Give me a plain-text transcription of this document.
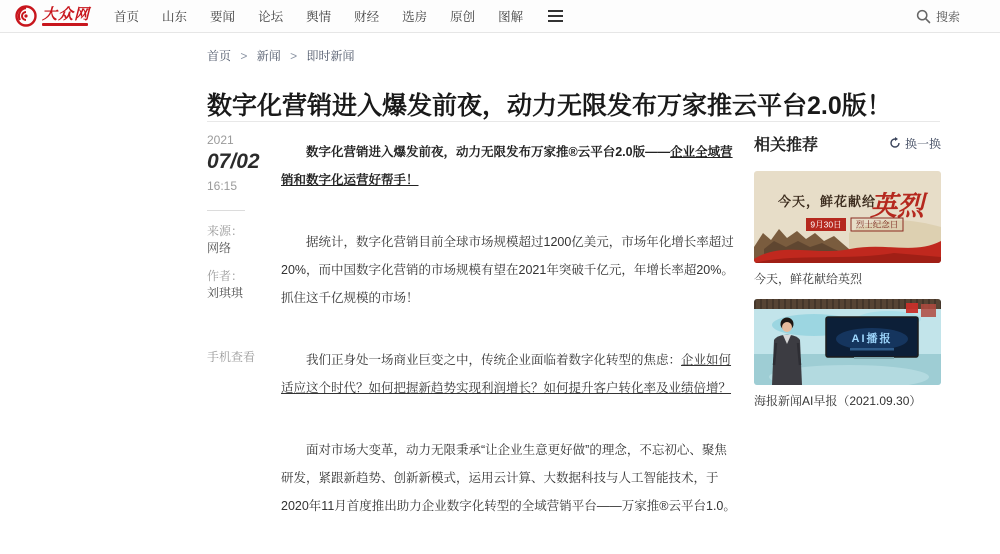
大众网 首页 山东 要闻 论坛 舆情 财经 选房 原创 图解	搜索
首页 > 新闻 > 即时新闻
数字化营销进入爆发前夜，动力无限发布万家推云平台2.0版！
2021
07/02
16:15
来源：
网络
作者：
刘琪琪
手机查看

数字化营销进入爆发前夜，动力无限发布万家推®云平台2.0版——企业全域营销和数字化运营好帮手！

据统计，数字化营销目前全球市场规模超过1200亿美元，市场年化增长率超过20%，而中国数字化营销的市场规模有望在2021年突破千亿元，年增长率超20%。抓住这千亿规模的市场！

我们正身处一场商业巨变之中，传统企业面临着数字化转型的焦虑：企业如何适应这个时代？如何把握新趋势实现利润增长？如何提升客户转化率及业绩倍增？

面对市场大变革，动力无限秉承“让企业生意更好做”的理念，不忘初心、聚焦研发，紧跟新趋势、创新新模式，运用云计算、大数据科技与人工智能技术，于2020年11月首度推出助力企业数字化转型的全域营销平台——万家推®云平台1.0。

相关推荐	换一换
今天，鲜花献给
英烈
9月30日 烈士纪念日
今天，鲜花献给英烈
AI播报
海报新闻AI早报（2021.09.30）
